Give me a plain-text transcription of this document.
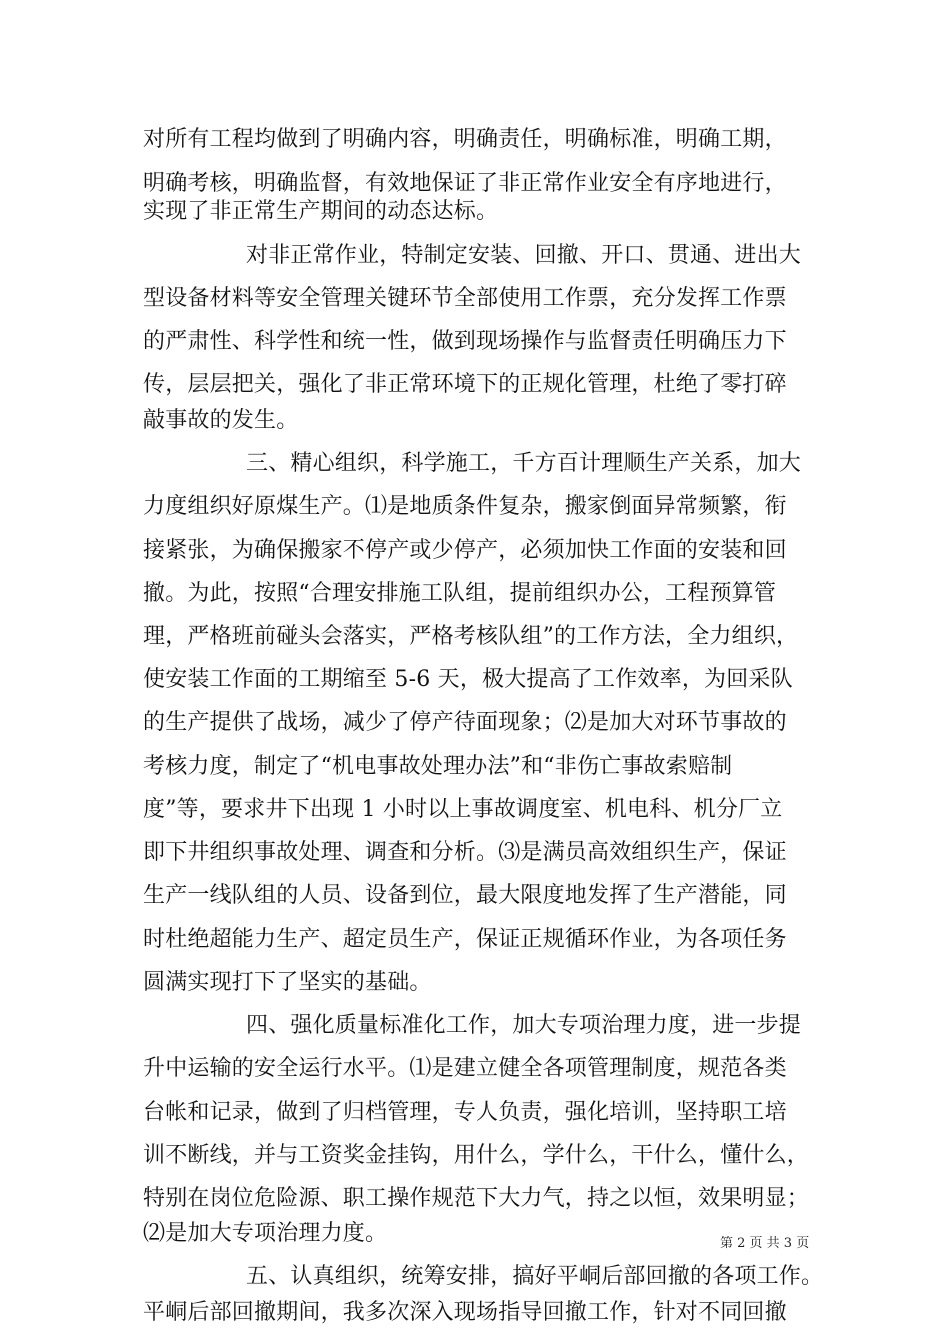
对所有工程均做到了明确内容，明确责任，明确标准，明确工期，
明确考核，明确监督，有效地保证了非正常作业安全有序地进行，
实现了非正常生产期间的动态达标。
对非正常作业，特制定安装、回撤、开口、贯通、进出大
型设备材料等安全管理关键环节全部使用工作票，充分发挥工作票
的严肃性、科学性和统一性，做到现场操作与监督责任明确压力下
传，层层把关，强化了非正常环境下的正规化管理，杜绝了零打碎
敲事故的发生。
三、精心组织，科学施工，千方百计理顺生产关系，加大
力度组织好原煤生产。⑴是地质条件复杂，搬家倒面异常频繁，衔
接紧张，为确保搬家不停产或少停产，必须加快工作面的安装和回
撤。为此，按照“合理安排施工队组，提前组织办公，工程预算管
理，严格班前碰头会落实，严格考核队组”的工作方法，全力组织，
使安装工作面的工期缩至 5-6 天，极大提高了工作效率，为回采队
的生产提供了战场，减少了停产待面现象；⑵是加大对环节事故的
考核力度，制定了“机电事故处理办法”和“非伤亡事故索赔制
度”等，要求井下出现 1 小时以上事故调度室、机电科、机分厂立
即下井组织事故处理、调查和分析。⑶是满员高效组织生产，保证
生产一线队组的人员、设备到位，最大限度地发挥了生产潜能，同
时杜绝超能力生产、超定员生产，保证正规循环作业，为各项任务
圆满实现打下了坚实的基础。
四、强化质量标准化工作，加大专项治理力度，进一步提
升中运输的安全运行水平。⑴是建立健全各项管理制度，规范各类
台帐和记录，做到了归档管理，专人负责，强化培训，坚持职工培
训不断线，并与工资奖金挂钩，用什么，学什么，干什么，懂什么，
特别在岗位危险源、职工操作规范下大力气，持之以恒，效果明显；
⑵是加大专项治理力度。
五、认真组织，统筹安排，搞好平峒后部回撤的各项工作。
平峒后部回撤期间，我多次深入现场指导回撤工作，针对不同回撤
第 2 页 共 3 页
